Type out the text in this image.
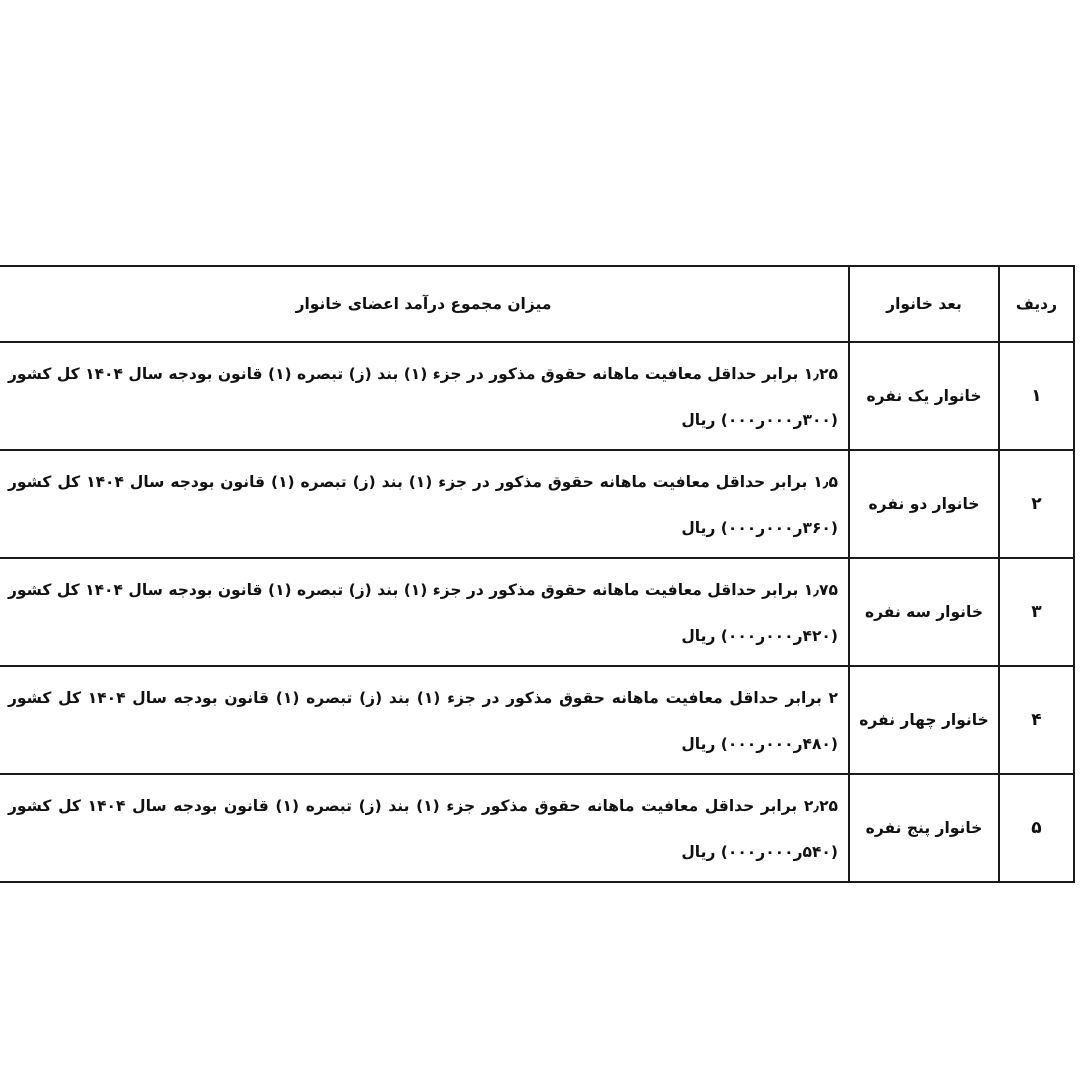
ردیف	بعد خانوار	میزان مجموع درآمد اعضای خانوار
۱	خانوار یک نفره	۱٫۲۵ برابر حداقل معافیت ماهانه حقوق مذکور در جزء (۱) بند (ز) تبصره (۱) قانون بودجه سال ۱۴۰۴ کل کشور (۳۰۰ر۰۰۰ر۰۰۰) ریال
۲	خانوار دو نفره	۱٫۵ برابر حداقل معافیت ماهانه حقوق مذکور در جزء (۱) بند (ز) تبصره (۱) قانون بودجه سال ۱۴۰۴ کل کشور (۳۶۰ر۰۰۰ر۰۰۰) ریال
۳	خانوار سه نفره	۱٫۷۵ برابر حداقل معافیت ماهانه حقوق مذکور در جزء (۱) بند (ز) تبصره (۱) قانون بودجه سال ۱۴۰۴ کل کشور (۴۲۰ر۰۰۰ر۰۰۰) ریال
۴	خانوار چهار نفره	۲ برابر حداقل معافیت ماهانه حقوق مذکور در جزء (۱) بند (ز) تبصره (۱) قانون بودجه سال ۱۴۰۴ کل کشور (۴۸۰ر۰۰۰ر۰۰۰) ریال
۵	خانوار پنج نفره	۲٫۲۵ برابر حداقل معافیت ماهانه حقوق مذکور جزء (۱) بند (ز) تبصره (۱) قانون بودجه سال ۱۴۰۴ کل کشور (۵۴۰ر۰۰۰ر۰۰۰) ریال
